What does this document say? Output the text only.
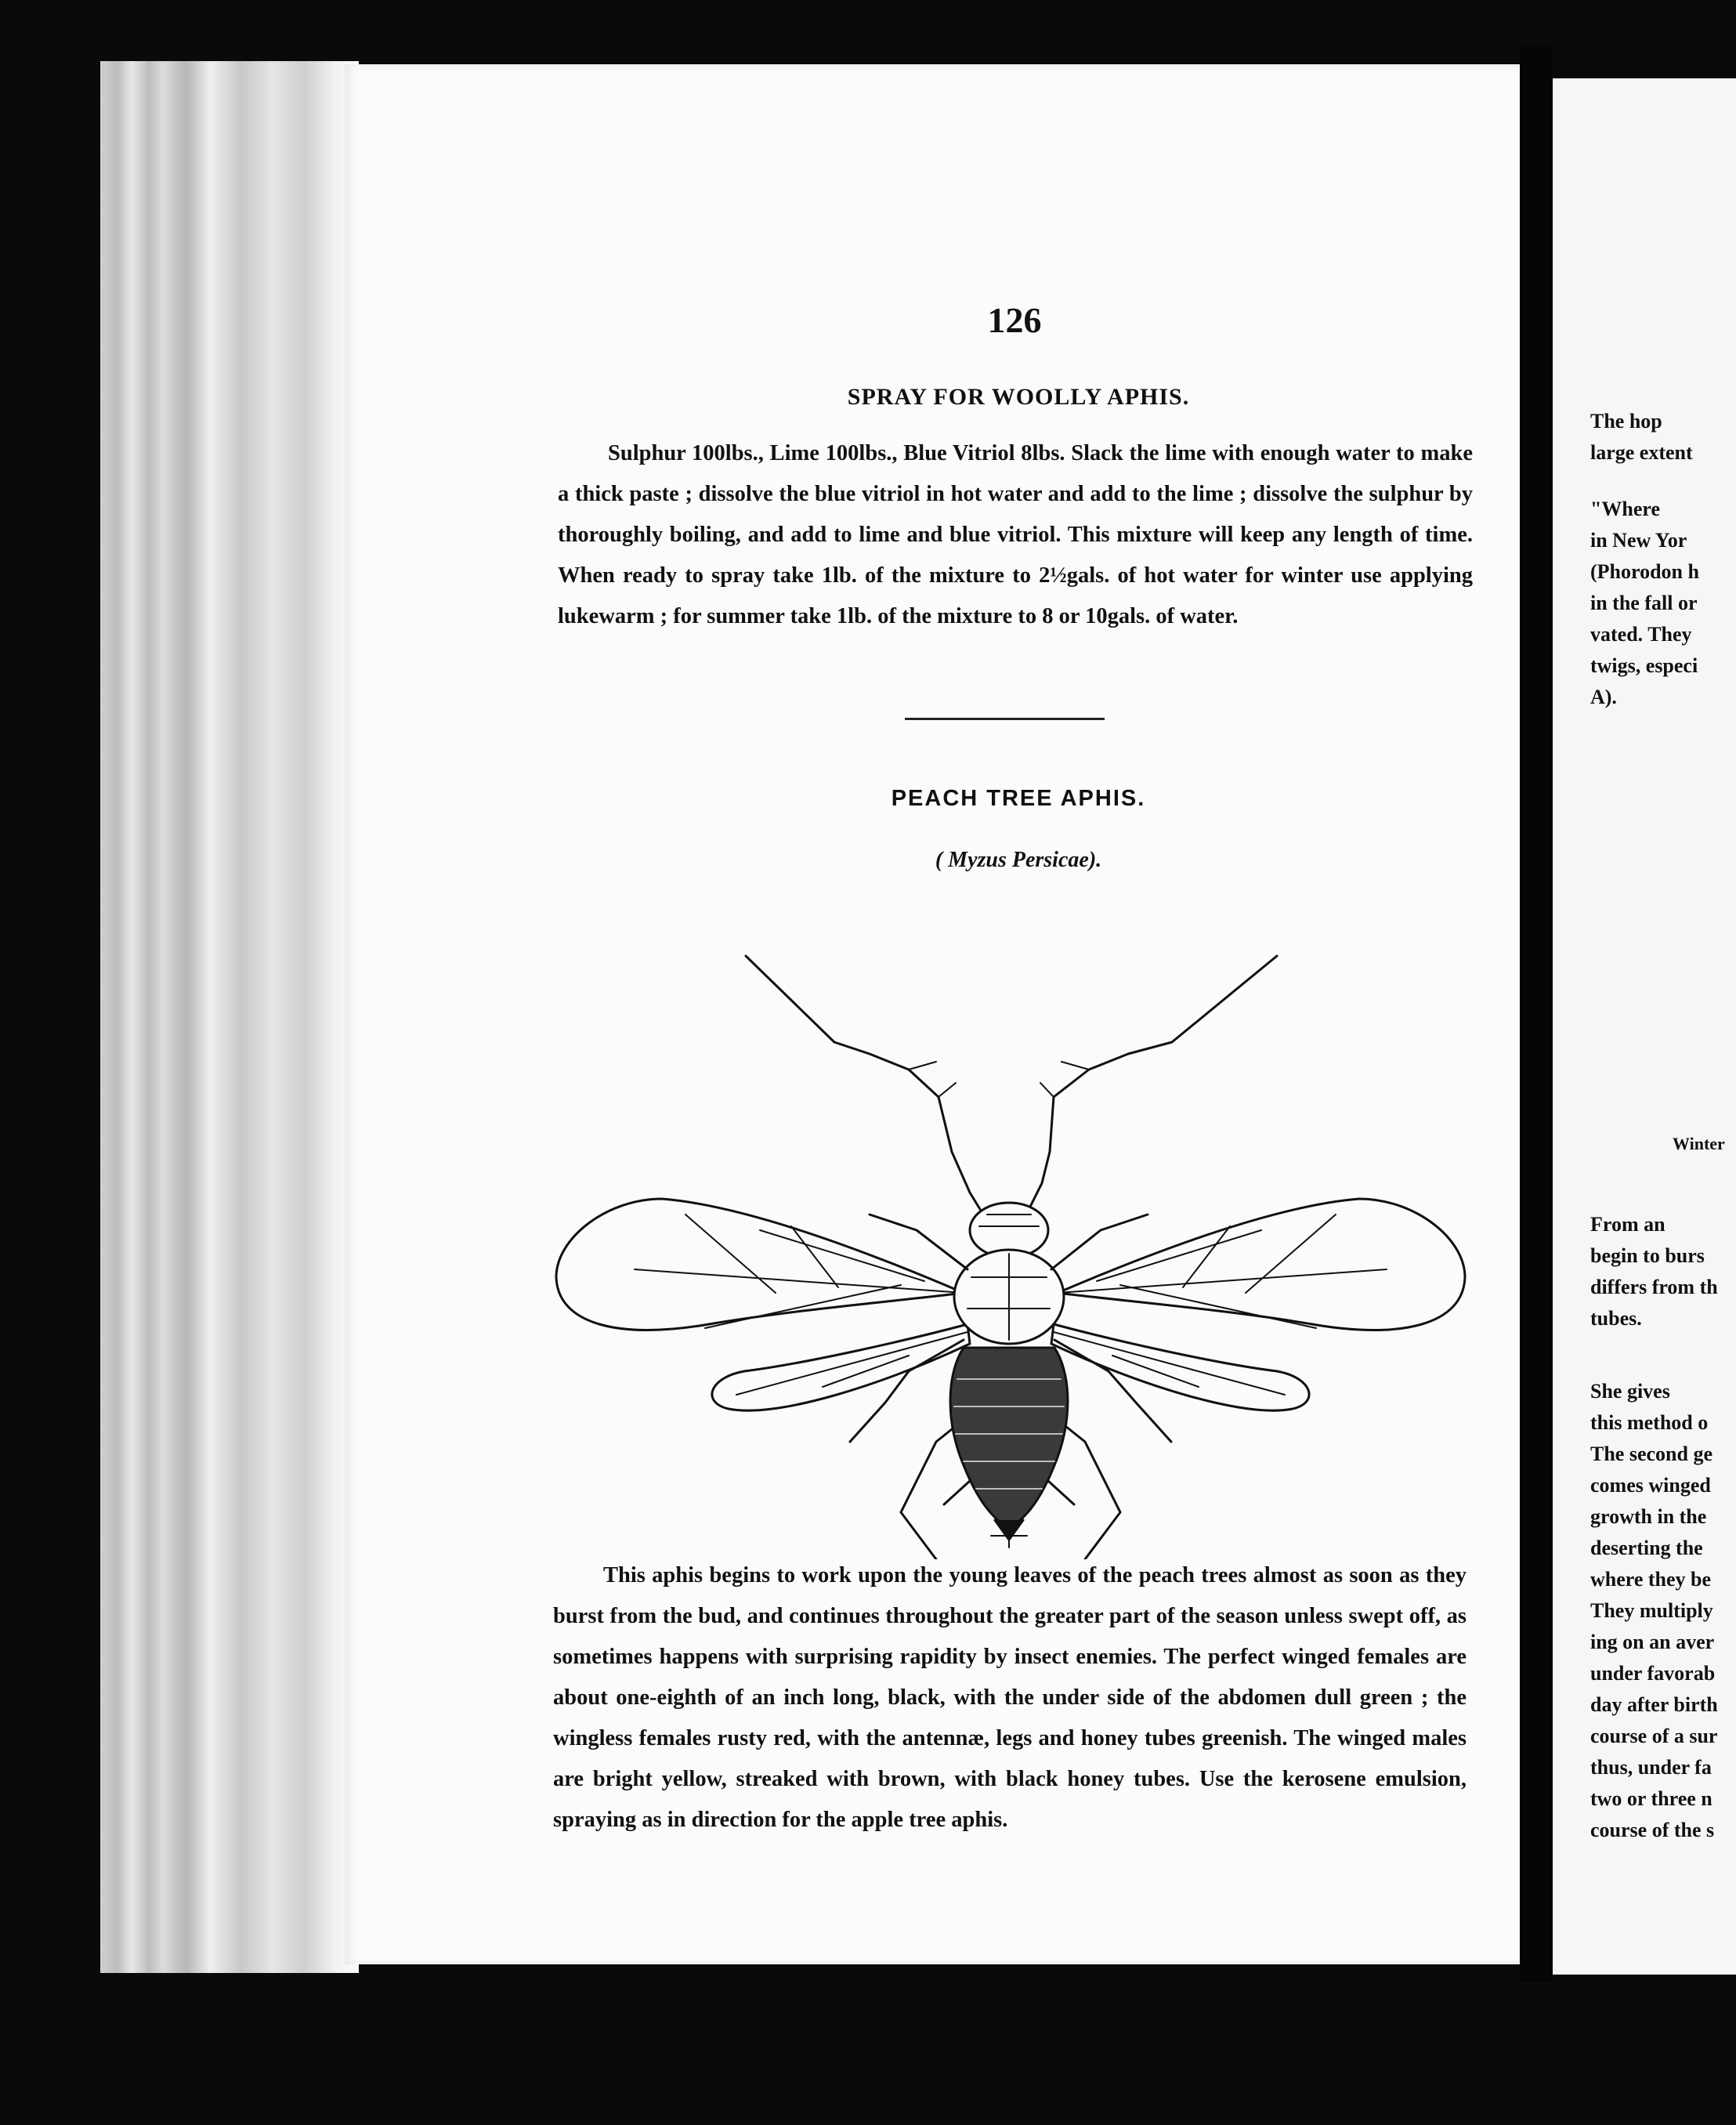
126
SPRAY FOR WOOLLY APHIS.

Sulphur 100lbs., Lime 100lbs., Blue Vitriol 8lbs. Slack the lime with enough water to make a thick paste ; dissolve the blue vitriol in hot water and add to the lime ; dissolve the sulphur by thoroughly boiling, and add to lime and blue vitriol. This mixture will keep any length of time. When ready to spray take 1lb. of the mixture to 2½gals. of hot water for winter use applying lukewarm ; for summer take 1lb. of the mixture to 8 or 10gals. of water.

PEACH TREE APHIS.
( Myzus Persicae).

This aphis begins to work upon the young leaves of the peach trees almost as soon as they burst from the bud, and continues throughout the greater part of the season unless swept off, as sometimes happens with surprising rapidity by insect enemies. The perfect winged females are about one-eighth of an inch long, black, with the under side of the abdomen dull green ; the wingless females rusty red, with the antennæ, legs and honey tubes greenish. The winged males are bright yellow, streaked with brown, with black honey tubes. Use the kerosene emulsion, spraying as in direction for the apple tree aphis.

The hop
large extent

"Where
in New Yor
(Phorodon h
in the fall or
vated. They
twigs, especi
A).

Winter

From an
begin to burs
differs from th
tubes.

She gives
this method o
The second ge
comes winged
growth in the
deserting the
where they be
They multiply
ing on an aver
under favorab
day after birth
course of a sur
thus, under fa
two or three n
course of the s
